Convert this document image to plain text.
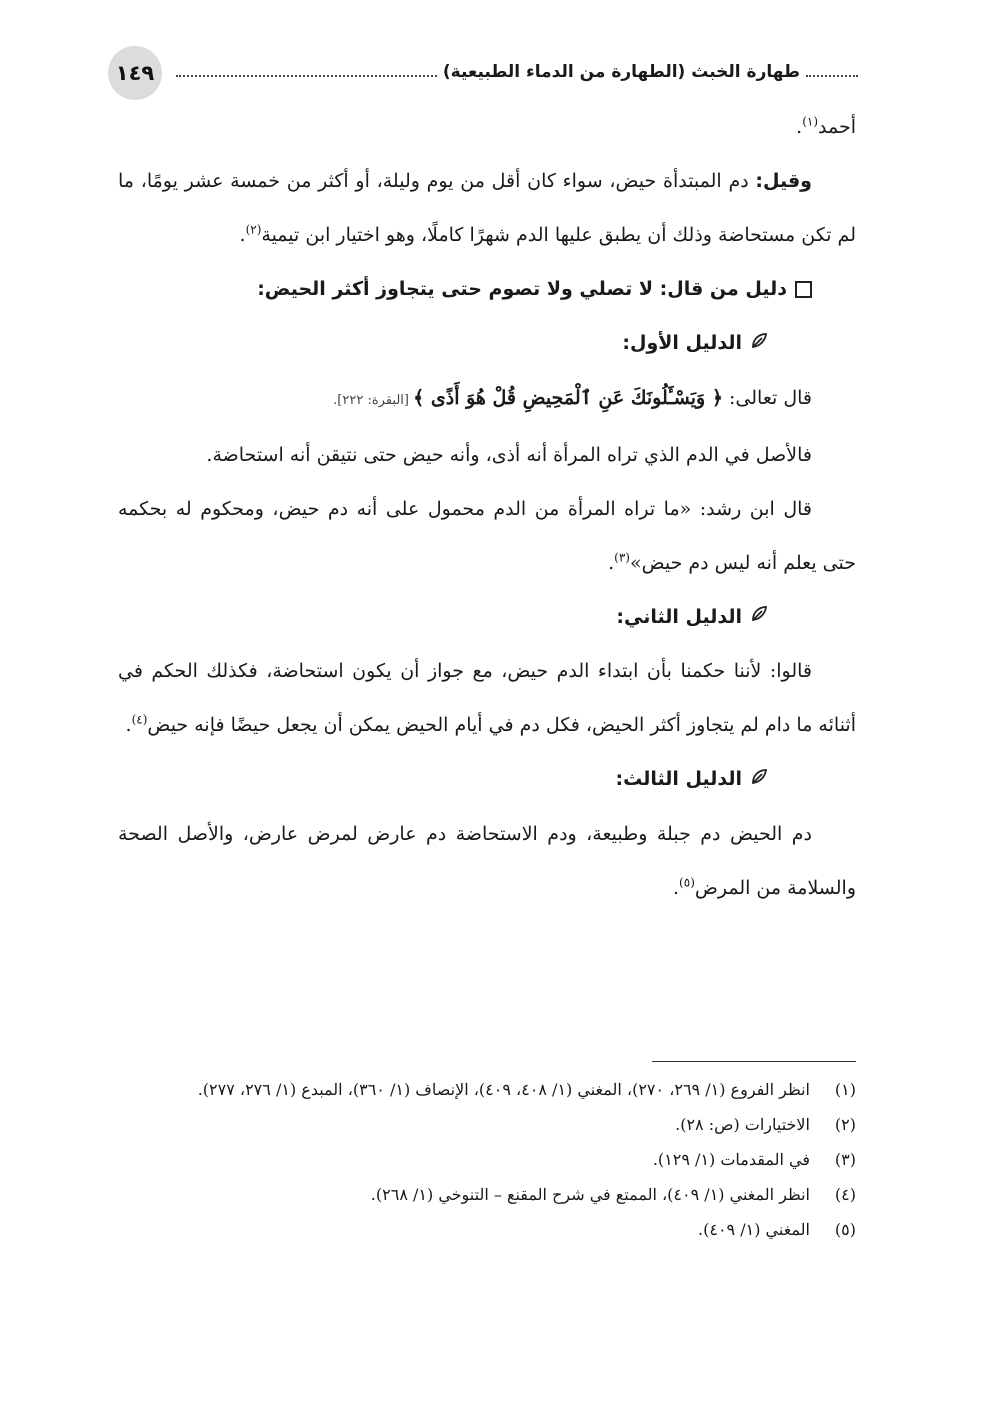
١٤٩	طهارة الخبث (الطهارة من الدماء الطبيعية)

أحمد$^{(١)}$.

وقيل: دم المبتدأة حيض، سواء كان أقل من يوم وليلة، أو أكثر من خمسة عشر يومًا، ما لم تكن مستحاضة وذلك أن يطبق عليها الدم شهرًا كاملًا، وهو اختيار ابن تيمية$^{(٢)}$.

دليل من قال: لا تصلي ولا تصوم حتى يتجاوز أكثر الحيض:

الدليل الأول:

قال تعالى: ﴿ وَيَسْـَٔلُونَكَ عَنِ ٱلْمَحِيضِ قُلْ هُوَ أَذًى ﴾ [البقرة: ٢٢٢].

فالأصل في الدم الذي تراه المرأة أنه أذى، وأنه حيض حتى نتيقن أنه استحاضة.

قال ابن رشد: «ما تراه المرأة من الدم محمول على أنه دم حيض، ومحكوم له بحكمه حتى يعلم أنه ليس دم حيض»$^{(٣)}$.

الدليل الثاني:

قالوا: لأننا حكمنا بأن ابتداء الدم حيض، مع جواز أن يكون استحاضة، فكذلك الحكم في أثنائه ما دام لم يتجاوز أكثر الحيض، فكل دم في أيام الحيض يمكن أن يجعل حيضًا فإنه حيض$^{(٤)}$.

الدليل الثالث:

دم الحيض دم جبلة وطبيعة، ودم الاستحاضة دم عارض لمرض عارض، والأصل الصحة والسلامة من المرض$^{(٥)}$.

(١)
انظر الفروع (١/ ٢٦٩، ٢٧٠)، المغني (١/ ٤٠٨، ٤٠٩)، الإنصاف (١/ ٣٦٠)، المبدع (١/ ٢٧٦، ٢٧٧).
(٢)
الاختيارات (ص: ٢٨).
(٣)
في المقدمات (١/ ١٢٩).
(٤)
انظر المغني (١/ ٤٠٩)، الممتع في شرح المقنع – التنوخي (١/ ٢٦٨).
(٥)
المغني (١/ ٤٠٩).
